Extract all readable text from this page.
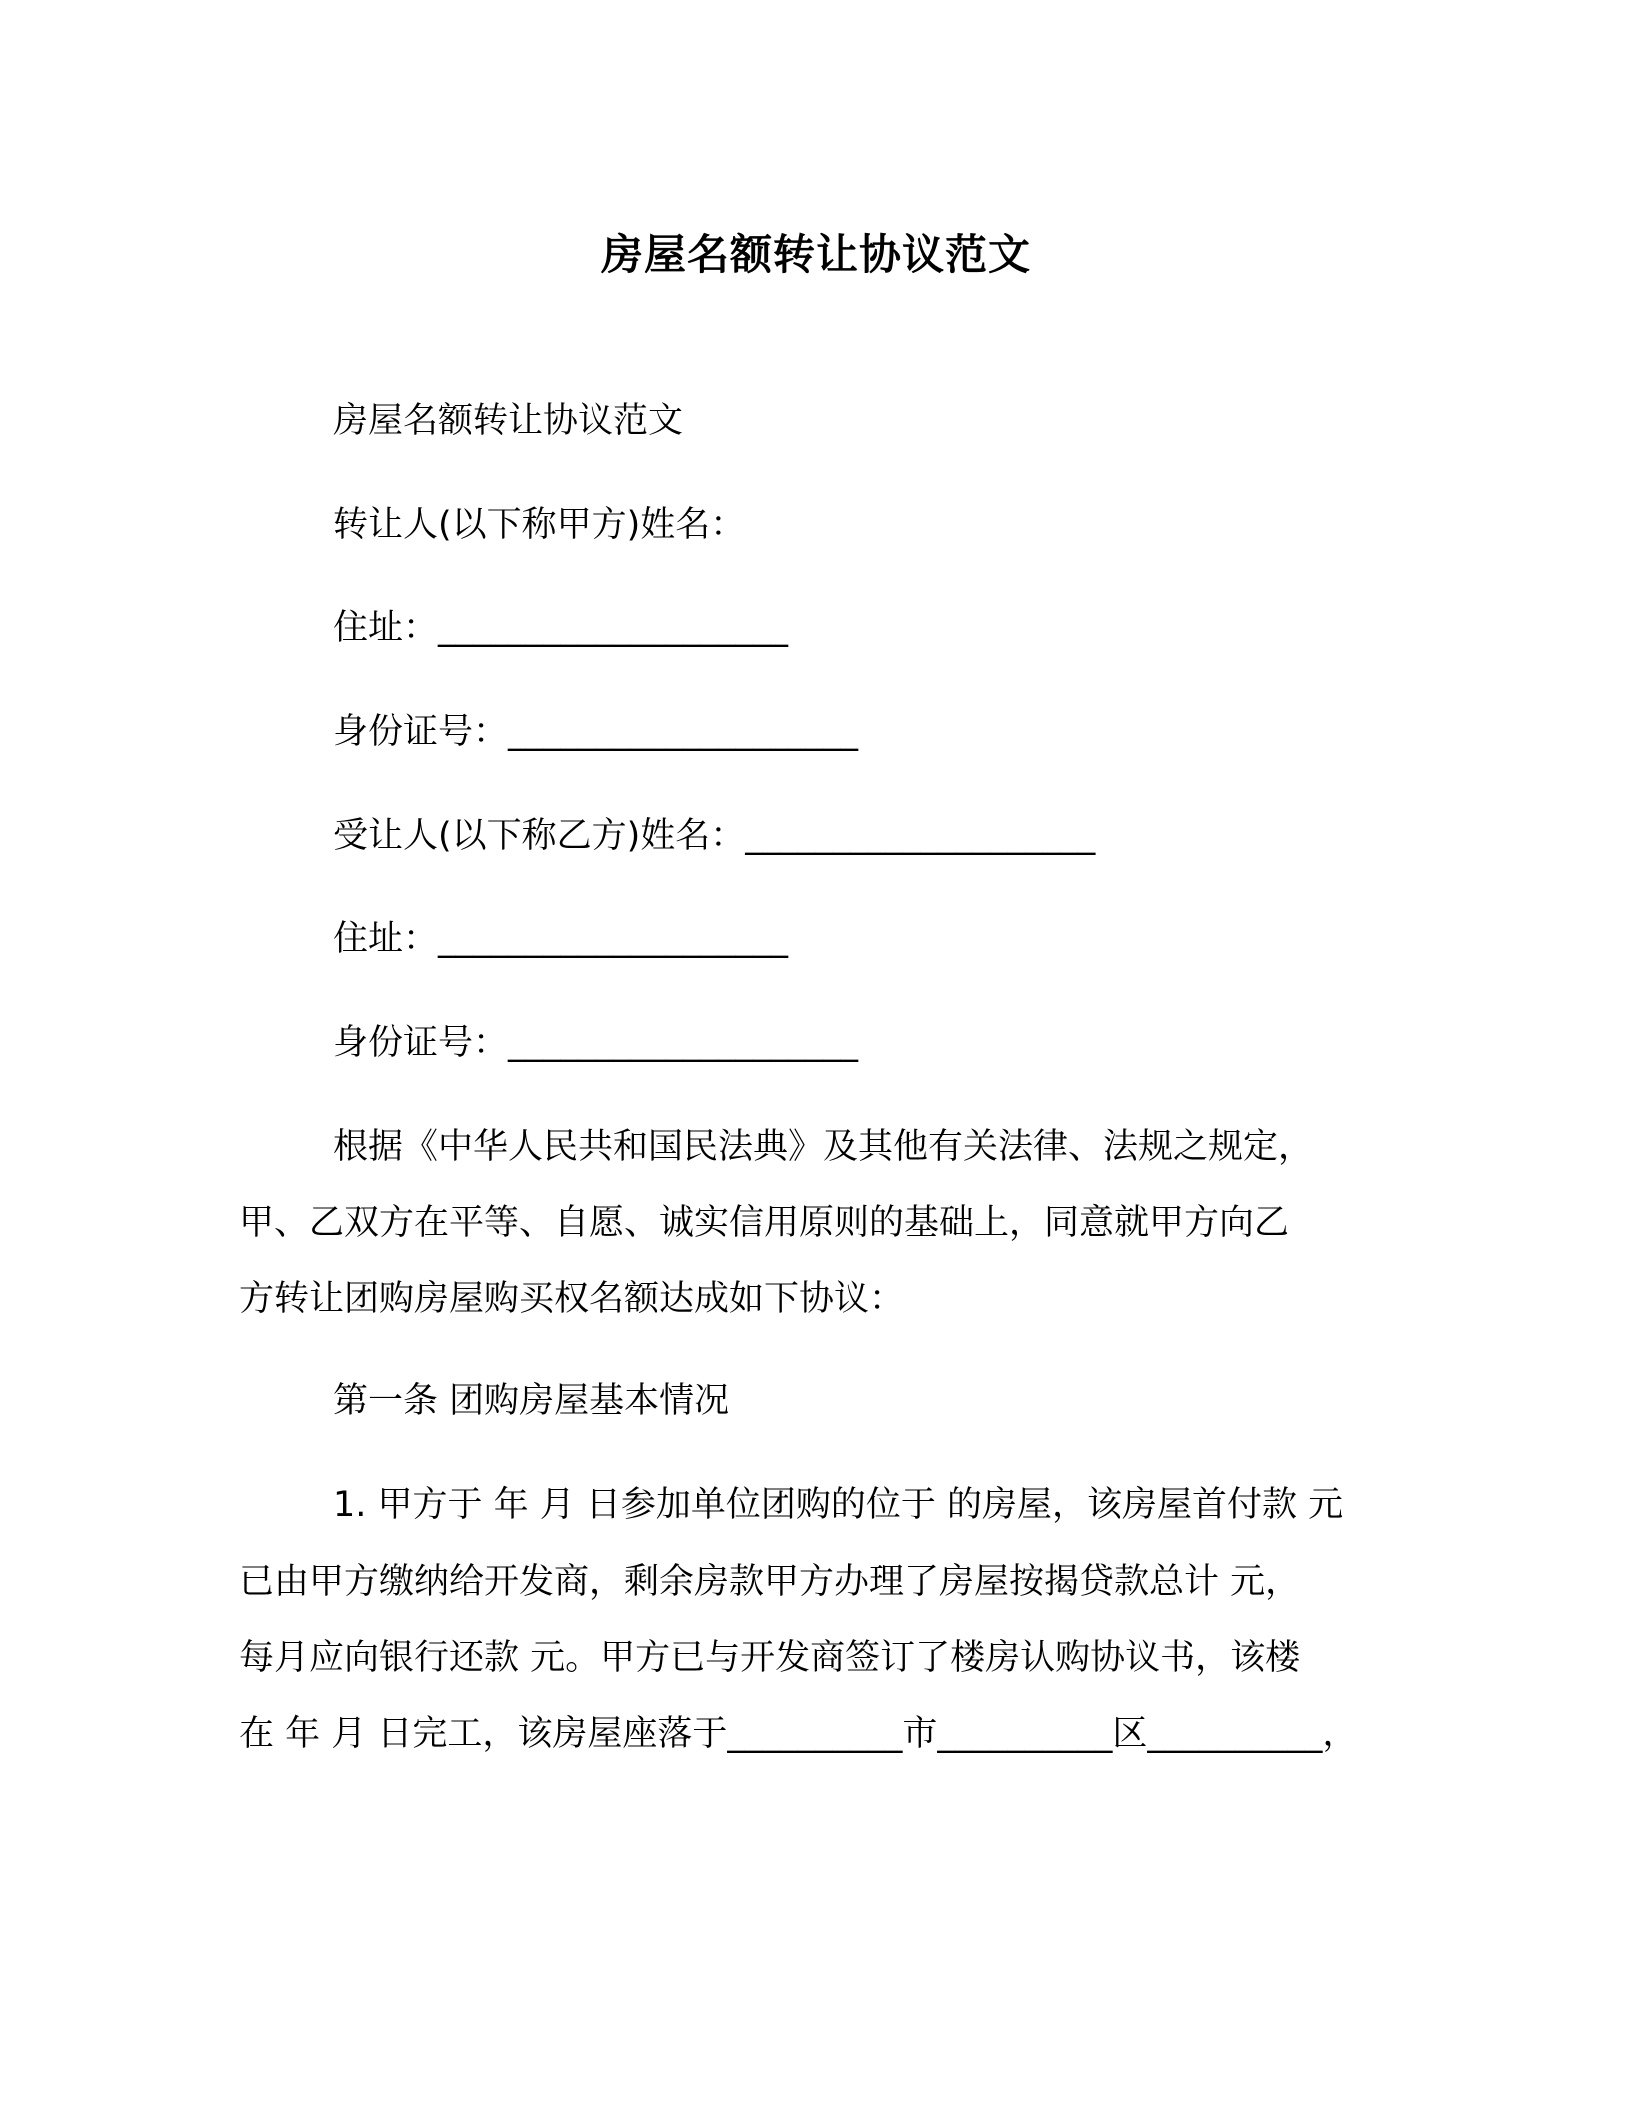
房屋名额转让协议范文
房屋名额转让协议范文
转让人(以下称甲方)姓名：
住址：____________________
身份证号：____________________
受让人(以下称乙方)姓名：____________________
住址：____________________
身份证号：____________________
根据《中华人民共和国民法典》及其他有关法律、法规之规定，
甲、乙双方在平等、自愿、诚实信用原则的基础上，同意就甲方向乙
方转让团购房屋购买权名额达成如下协议：
第一条 团购房屋基本情况
1. 甲方于 年 月 日参加单位团购的位于 的房屋，该房屋首付款 元
已由甲方缴纳给开发商，剩余房款甲方办理了房屋按揭贷款总计 元，
每月应向银行还款 元。甲方已与开发商签订了楼房认购协议书，该楼
在 年 月 日完工，该房屋座落于__________市__________区__________，
